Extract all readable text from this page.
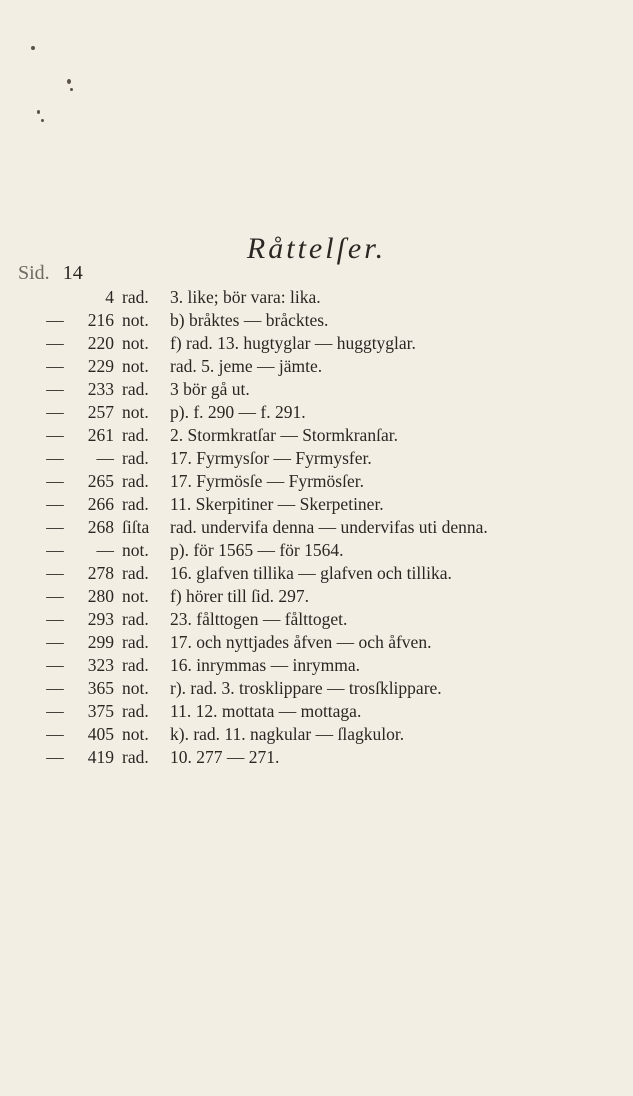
Råttelſer.
Sid. 14
4 rad.	3. like; bör vara: lika.
—	216 not.	b) bråktes — bråcktes.
—	220 not.	f) rad. 13. hugtyglar — huggtyglar.
—	229 not.	rad. 5. jeme — jämte.
—	233 rad.	3 bör gå ut.
—	257 not.	p). f. 290 — f. 291.
—	261 rad.	2. Stormkratſar — Stormkranſar.
—	— rad.	17. Fyrmysſor — Fyrmysfer.
—	265 rad.	17. Fyrmösſe — Fyrmösſer.
—	266 rad.	11. Skerpitiner — Skerpetiner.
—	268 ſiſta	rad. undervifa denna — undervifas uti denna.
—	— not.	p). för 1565 — för 1564.
—	278 rad.	16. glafven tillika — glafven och tillika.
—	280 not.	f) hörer till ſid. 297.
—	293 rad.	23. fålttogen — fålttoget.
—	299 rad.	17. och nyttjades åfven — och åfven.
—	323 rad.	16. inrymmas — inrymma.
—	365 not.	r). rad. 3. trosklippare — trosſklippare.
—	375 rad.	11. 12. mottata — mottaga.
—	405 not.	k). rad. 11. nagkular — ſlagkulor.
—	419 rad.	10. 277 — 271.
